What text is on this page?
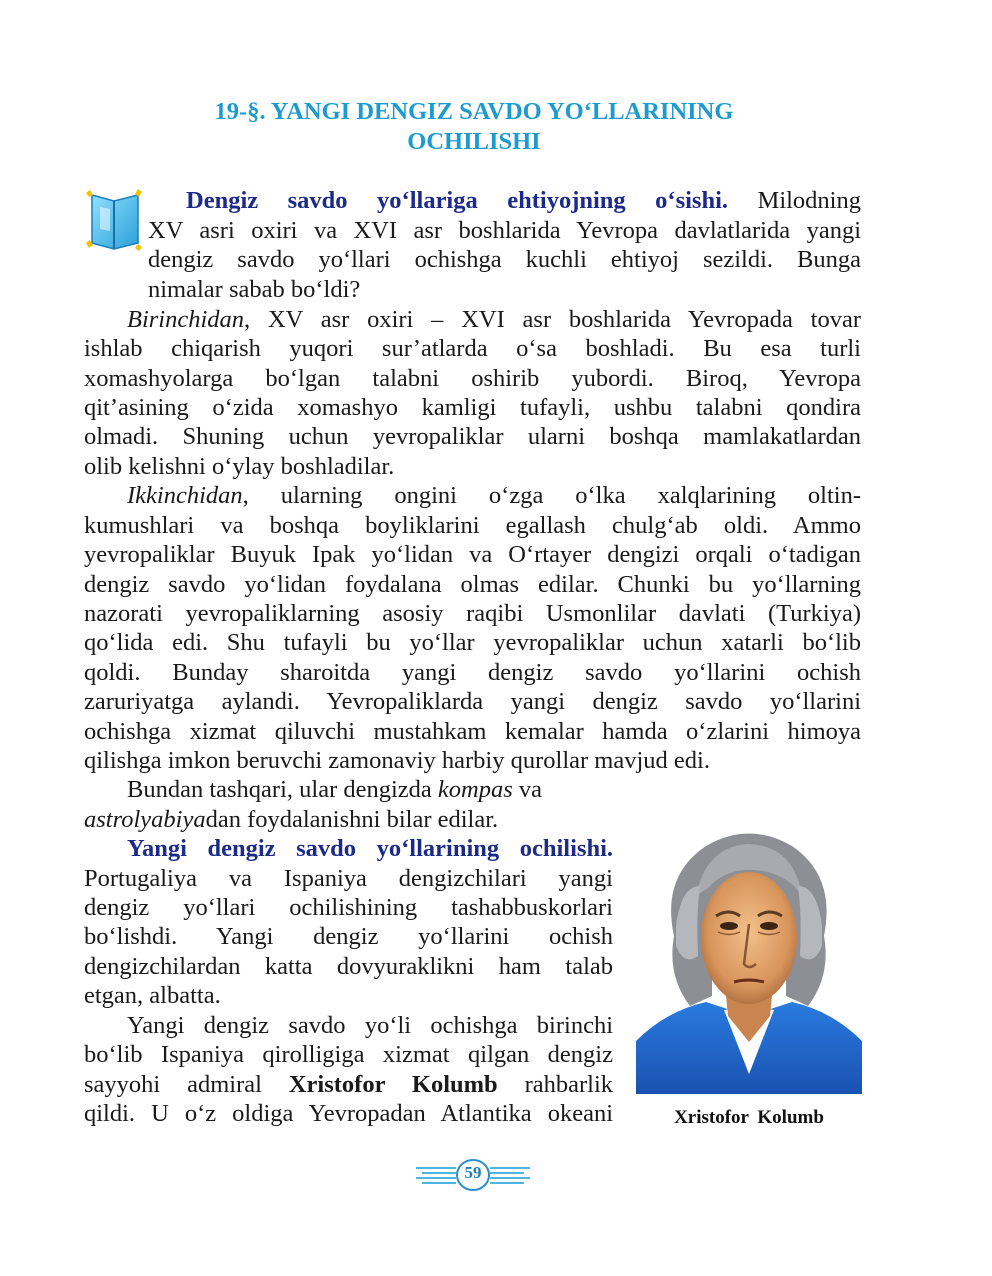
19-§. YANGI DENGIZ SAVDO YO‘LLARINING
OCHILISHI
Dengiz savdo yo‘llariga ehtiyojning o‘sishi. Milodning
XV asri oxiri va XVI asr boshlarida Yevropa davlatlarida yangi
dengiz savdo yo‘llari ochishga kuchli ehtiyoj sezildi. Bunga
nimalar sabab bo‘ldi?
Birinchidan, XV asr oxiri – XVI asr boshlarida Yevropada tovar
ishlab chiqarish yuqori sur’atlarda o‘sa boshladi. Bu esa turli
xomashyolarga bo‘lgan talabni oshirib yubordi. Biroq, Yevropa
qit’asining o‘zida xomashyo kamligi tufayli, ushbu talabni qondira
olmadi. Shuning uchun yevropaliklar ularni boshqa mamlakatlardan
olib kelishni o‘ylay boshladilar.
Ikkinchidan, ularning ongini o‘zga o‘lka xalqlarining oltin-
kumushlari va boshqa boyliklarini egallash chulg‘ab oldi. Ammo
yevropaliklar Buyuk Ipak yo‘lidan va O‘rtayer dengizi orqali o‘tadigan
dengiz savdo yo‘lidan foydalana olmas edilar. Chunki bu yo‘llarning
nazorati yevropaliklarning asosiy raqibi Usmonlilar davlati (Turkiya)
qo‘lida edi. Shu tufayli bu yo‘llar yevropaliklar uchun xatarli bo‘lib
qoldi. Bunday sharoitda yangi dengiz savdo yo‘llarini ochish
zaruriyatga aylandi. Yevropaliklarda yangi dengiz savdo yo‘llarini
ochishga xizmat qiluvchi mustahkam kemalar hamda o‘zlarini himoya
qilishga imkon beruvchi zamonaviy harbiy qurollar mavjud edi.
Bundan tashqari, ular dengizda kompas va
astrolyabiyadan foydalanishni bilar edilar.
Yangi dengiz savdo yo‘llarining ochilishi.
Portugaliya va Ispaniya dengizchilari yangi
dengiz yo‘llari ochilishining tashabbuskorlari
bo‘lishdi. Yangi dengiz yo‘llarini ochish
dengizchilardan katta dovyuraklikni ham talab
etgan, albatta.
Yangi dengiz savdo yo‘li ochishga birinchi
bo‘lib Ispaniya qirolligiga xizmat qilgan dengiz
sayyohi admiral Xristofor Kolumb rahbarlik
qildi. U o‘z oldiga Yevropadan Atlantika okeani	Xristofor Kolumb
59
